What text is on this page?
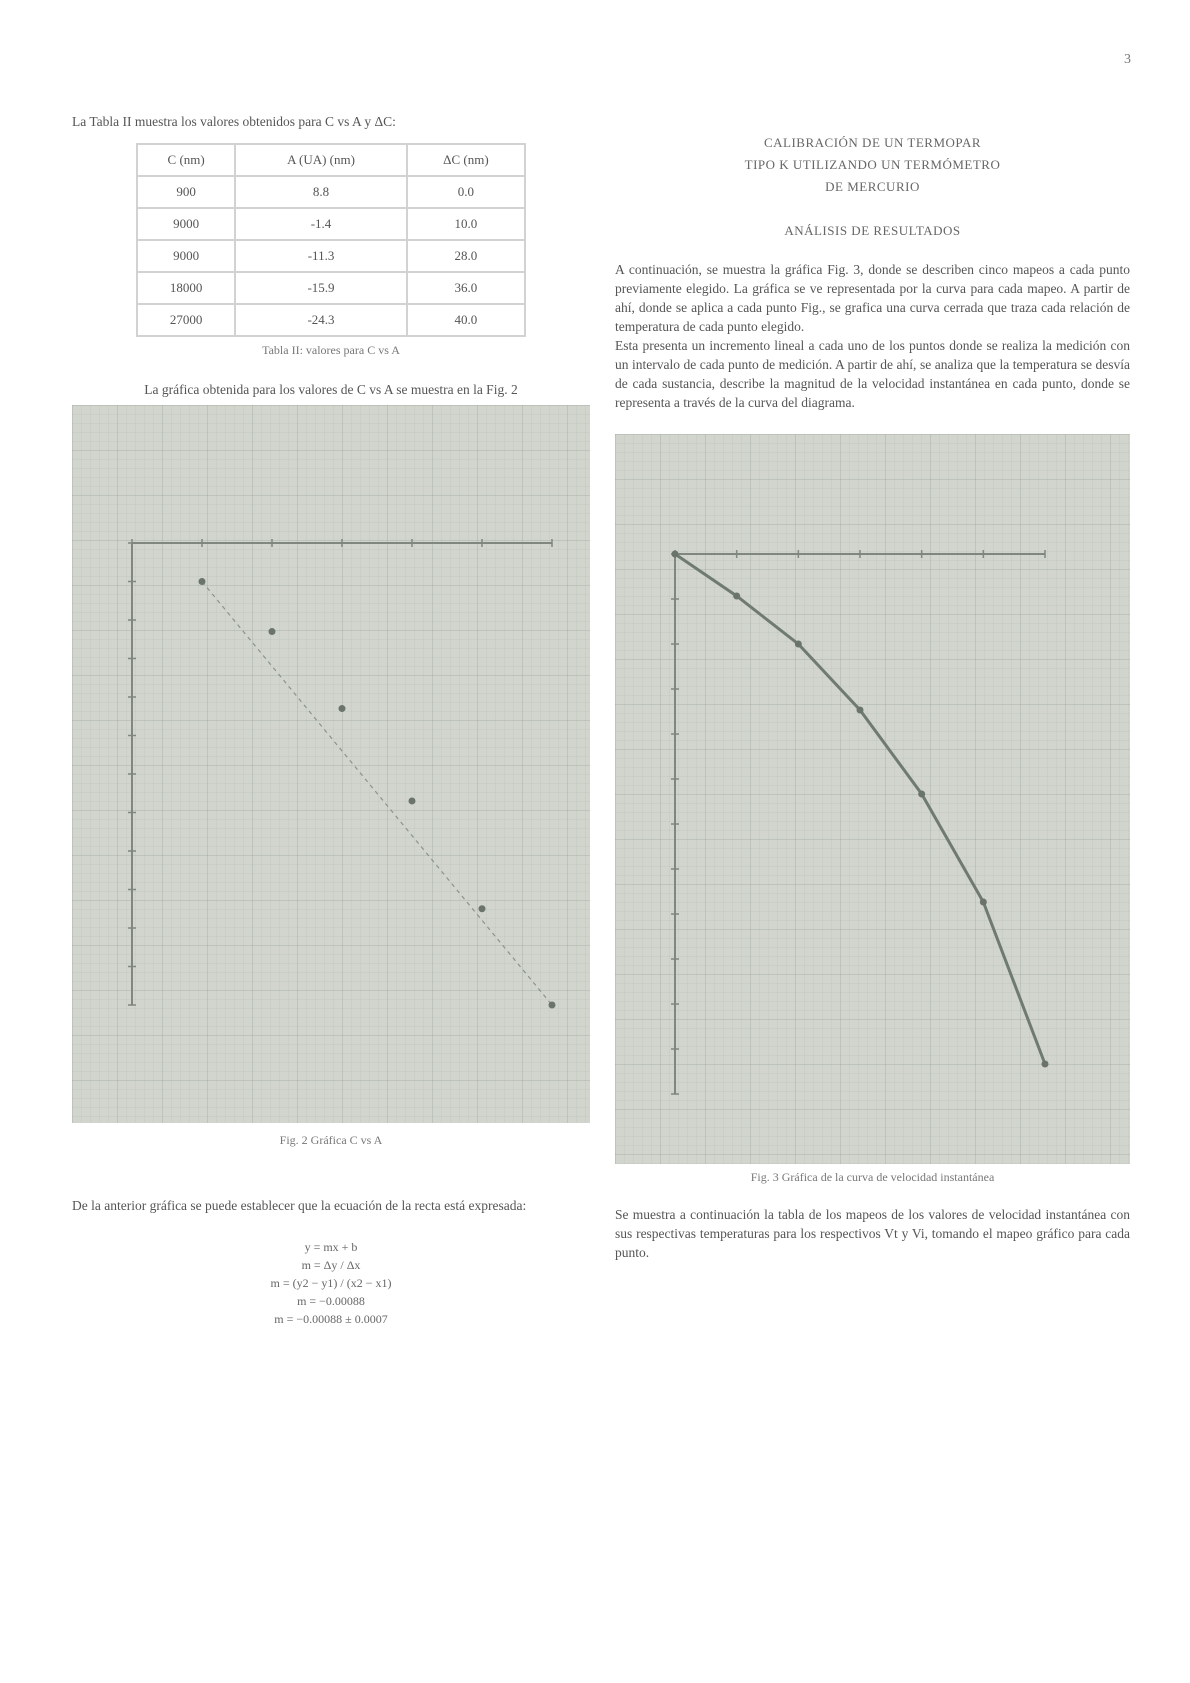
3

La Tabla II muestra los valores obtenidos para C vs A y ΔC:

C (nm)	A (UA) (nm)	ΔC (nm)
900	8.8	0.0
9000	-1.4	10.0
9000	-11.3	28.0
18000	-15.9	36.0
27000	-24.3	40.0
Tabla II: valores para C vs A

La gráfica obtenida para los valores de C vs A se muestra en la Fig. 2

Fig. 2 Gráfica C vs A

De la anterior gráfica se puede establecer que la ecuación de la recta está expresada:

y = mx + b
m = Δy / Δx
m = (y2 − y1) / (x2 − x1)
m = −0.00088
m = −0.00088 ± 0.0007
CALIBRACIÓN DE UN TERMOPAR
TIPO K UTILIZANDO UN TERMÓMETRO
DE MERCURIO
ANÁLISIS DE RESULTADOS

A continuación, se muestra la gráfica Fig. 3, donde se describen cinco mapeos a cada punto previamente elegido. La gráfica se ve representada por la curva para cada mapeo. A partir de ahí, donde se aplica a cada punto Fig., se grafica una curva cerrada que traza cada relación de temperatura de cada punto elegido.

Esta presenta un incremento lineal a cada uno de los puntos donde se realiza la medición con un intervalo de cada punto de medición. A partir de ahí, se analiza que la temperatura se desvía de cada sustancia, describe la magnitud de la velocidad instantánea en cada punto, donde se representa a través de la curva del diagrama.

Fig. 3 Gráfica de la curva de velocidad instantánea

Se muestra a continuación la tabla de los mapeos de los valores de velocidad instantánea con sus respectivas temperaturas para los respectivos Vt y Vi, tomando el mapeo gráfico para cada punto.
